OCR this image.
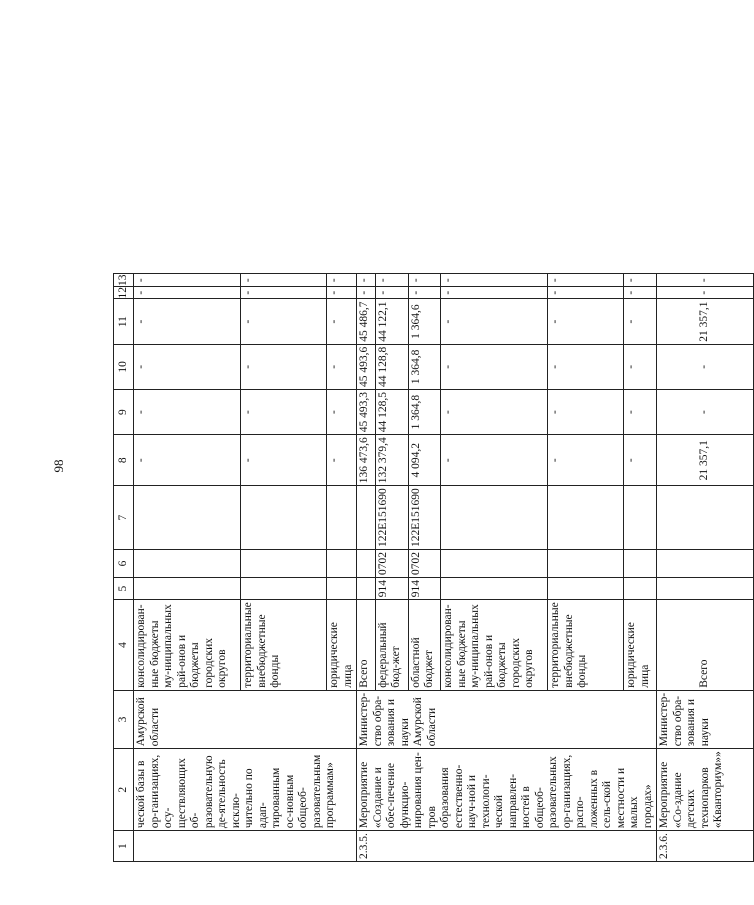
98
1	2	3	4	5	6	7	8	9	10	11	12	13
	ческой базы в ор-ганизациях, осу-ществляющих об-разовательную де-ятельность исклю-чительно по адап-тированным ос-новным общеоб-разовательным программам»	Амурской области	консолидирован-ные бюджеты му-ниципальных рай-онов и бюджеты городских округов				-	-	-	-	-	-
			территориальные внебюджетные фонды				-	-	-	-	-	-
			юридические лица				-	-	-	-	-	-
2.3.5.	Мероприятие «Создание и обес-печение функцио-нирования цен-тров образования естественно-науч-ной и технологи-ческой направлен-ностей в общеоб-разовательных ор-ганизациях, распо-ложенных в сель-ской местности и малых городах»	Министер-ство обра-зования и науки Амурской области	Всего				136 473,6	45 493,3	45 493,6	45 486,7	-	-
			федеральный бюд-жет	914	0702	122E151690	132 379,4	44 128,5	44 128,8	44 122,1	-	-
			областной бюджет	914	0702	122E151690	4 094,2	1 364,8	1 364,8	1 364,6	-	-
			консолидирован-ные бюджеты му-ниципальных рай-онов и бюджеты городских округов				-	-	-	-	-	-
			территориальные внебюджетные фонды				-	-	-	-	-	-
			юридические лица				-	-	-	-	-	-
2.3.6.	Мероприятие «Со-здание детских технопарков «Кванториум»»	Министер-ство обра-зования и науки	Всего				21 357,1	-	-	21 357,1	-	-
